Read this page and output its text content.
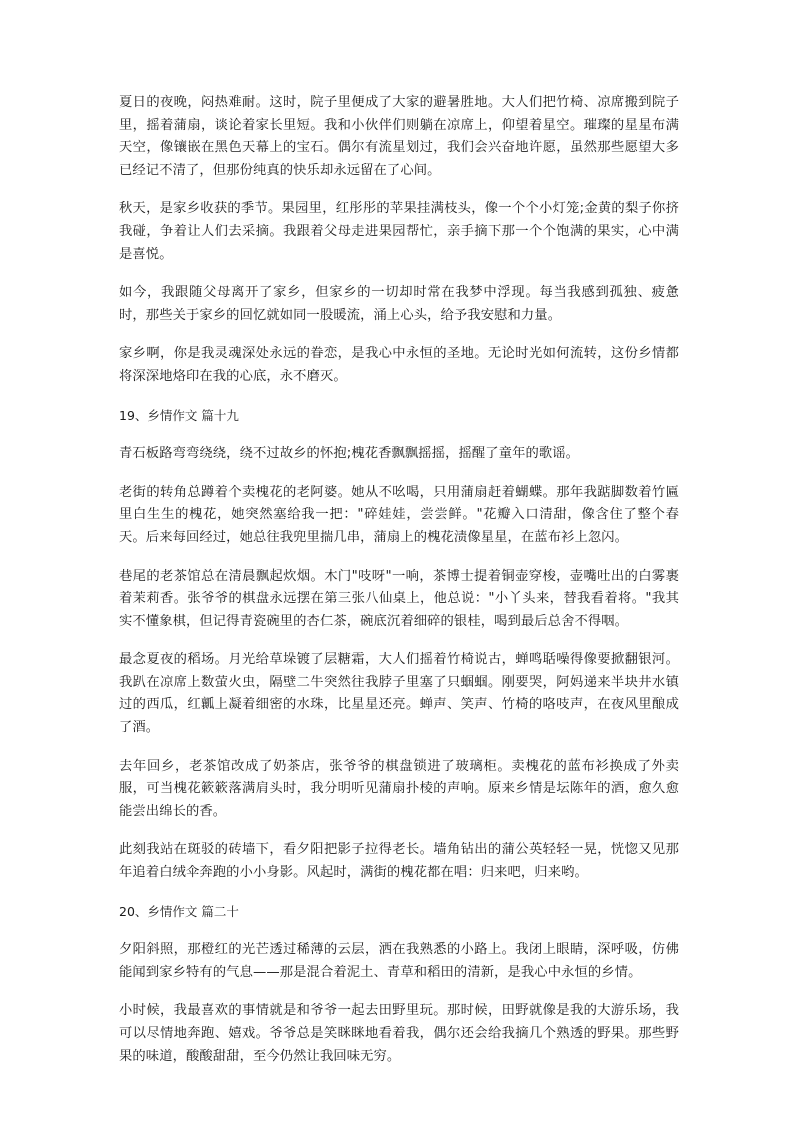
夏日的夜晚，闷热难耐。这时，院子里便成了大家的避暑胜地。大人们把竹椅、凉席搬到院子里，摇着蒲扇，谈论着家长里短。我和小伙伴们则躺在凉席上，仰望着星空。璀璨的星星布满天空，像镶嵌在黑色天幕上的宝石。偶尔有流星划过，我们会兴奋地许愿，虽然那些愿望大多已经记不清了，但那份纯真的快乐却永远留在了心间。

秋天，是家乡收获的季节。果园里，红彤彤的苹果挂满枝头，像一个个小灯笼;金黄的梨子你挤我碰，争着让人们去采摘。我跟着父母走进果园帮忙，亲手摘下那一个个饱满的果实，心中满是喜悦。

如今，我跟随父母离开了家乡，但家乡的一切却时常在我梦中浮现。每当我感到孤独、疲惫时，那些关于家乡的回忆就如同一股暖流，涌上心头，给予我安慰和力量。

家乡啊，你是我灵魂深处永远的眷恋，是我心中永恒的圣地。无论时光如何流转，这份乡情都将深深地烙印在我的心底，永不磨灭。

19、乡情作文 篇十九

青石板路弯弯绕绕，绕不过故乡的怀抱;槐花香飘飘摇摇，摇醒了童年的歌谣。

老街的转角总蹲着个卖槐花的老阿婆。她从不吆喝，只用蒲扇赶着蝴蝶。那年我踮脚数着竹匾里白生生的槐花，她突然塞给我一把："碎娃娃，尝尝鲜。"花瓣入口清甜，像含住了整个春天。后来每回经过，她总往我兜里揣几串，蒲扇上的槐花渍像星星，在蓝布衫上忽闪。

巷尾的老茶馆总在清晨飘起炊烟。木门"吱呀"一响，茶博士提着铜壶穿梭，壶嘴吐出的白雾裹着茉莉香。张爷爷的棋盘永远摆在第三张八仙桌上，他总说："小丫头来，替我看着将。"我其实不懂象棋，但记得青瓷碗里的杏仁茶，碗底沉着细碎的银桂，喝到最后总舍不得咽。

最念夏夜的稻场。月光给草垛镀了层糖霜，大人们摇着竹椅说古，蝉鸣聒噪得像要掀翻银河。我趴在凉席上数萤火虫，隔壁二牛突然往我脖子里塞了只蝈蝈。刚要哭，阿妈递来半块井水镇过的西瓜，红瓤上凝着细密的水珠，比星星还亮。蝉声、笑声、竹椅的咯吱声，在夜风里酿成了酒。

去年回乡，老茶馆改成了奶茶店，张爷爷的棋盘锁进了玻璃柜。卖槐花的蓝布衫换成了外卖服，可当槐花簌簌落满肩头时，我分明听见蒲扇扑棱的声响。原来乡情是坛陈年的酒，愈久愈能尝出绵长的香。

此刻我站在斑驳的砖墙下，看夕阳把影子拉得老长。墙角钻出的蒲公英轻轻一晃，恍惚又见那年追着白绒伞奔跑的小小身影。风起时，满街的槐花都在唱：归来吧，归来哟。

20、乡情作文 篇二十

夕阳斜照，那橙红的光芒透过稀薄的云层，洒在我熟悉的小路上。我闭上眼睛，深呼吸，仿佛能闻到家乡特有的气息——那是混合着泥土、青草和稻田的清新，是我心中永恒的乡情。

小时候，我最喜欢的事情就是和爷爷一起去田野里玩。那时候，田野就像是我的大游乐场，我可以尽情地奔跑、嬉戏。爷爷总是笑眯眯地看着我，偶尔还会给我摘几个熟透的野果。那些野果的味道，酸酸甜甜，至今仍然让我回味无穷。
